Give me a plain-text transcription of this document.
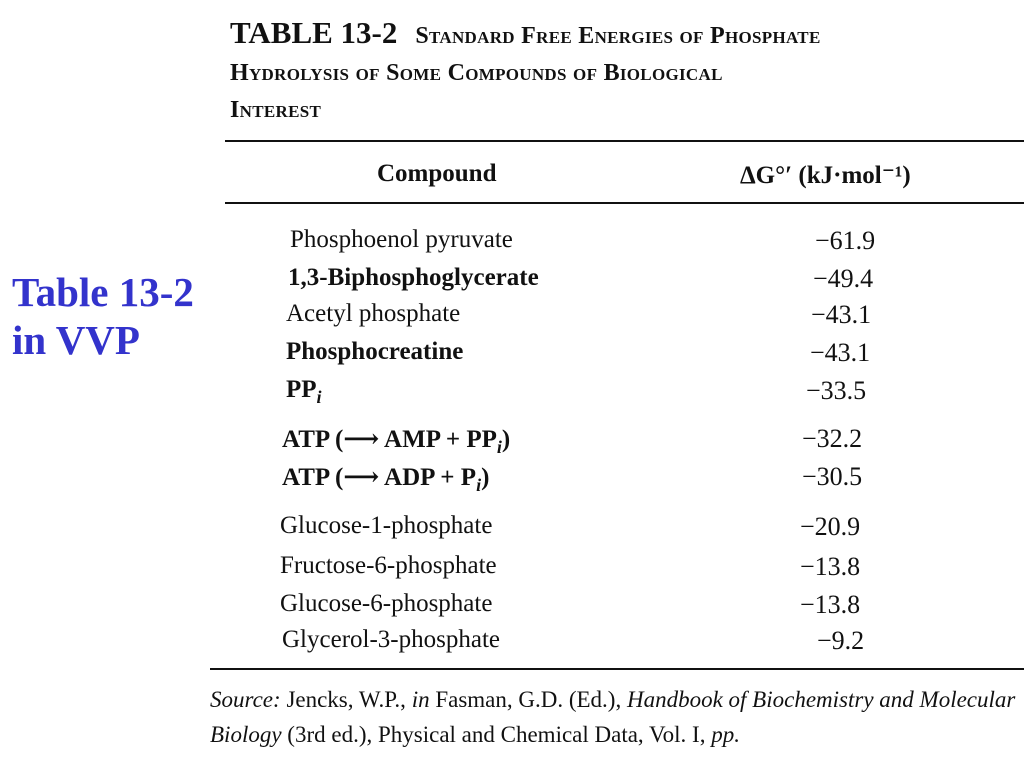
Table 13-2
in VVP
TABLE 13-2 Standard Free Energies of Phosphate
Hydrolysis of Some Compounds of Biological
Interest
Compound	ΔG°′ (kJ·mol⁻¹)
Phosphoenol pyruvate	−61.9
1,3-Biphosphoglycerate	−49.4
Acetyl phosphate	−43.1
Phosphocreatine	−43.1
$PP_i$	−33.5
ATP (⟶ AMP + $PP_i$)	−32.2
ATP (⟶ ADP + $P_i$)	−30.5
Glucose-1-phosphate	−20.9
Fructose-6-phosphate	−13.8
Glucose-6-phosphate	−13.8
Glycerol-3-phosphate	−9.2
Source: Jencks, W.P., in Fasman, G.D. (Ed.), Handbook of Biochemistry and Molecular Biology (3rd ed.), Physical and Chemical Data, Vol. I, pp.
